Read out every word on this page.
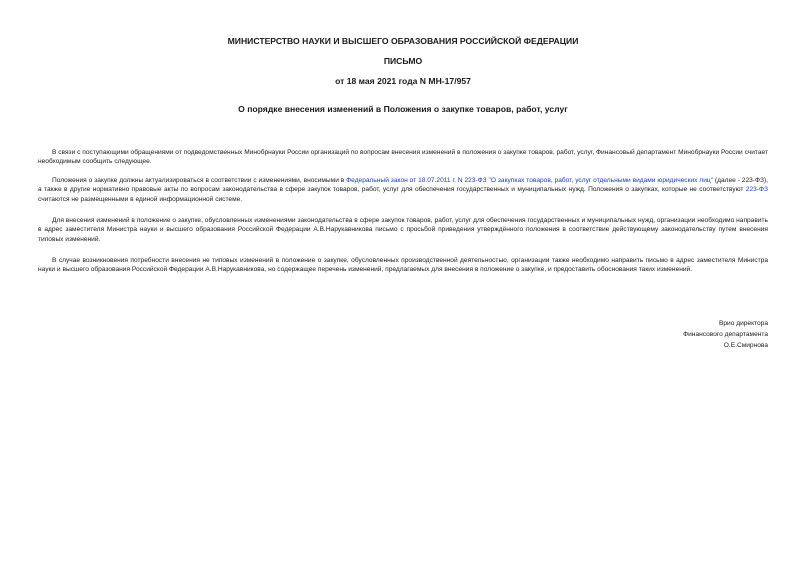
МИНИСТЕРСТВО НАУКИ И ВЫСШЕГО ОБРАЗОВАНИЯ РОССИЙСКОЙ ФЕДЕРАЦИИ
ПИСЬМО
от 18 мая 2021 года N МН-17/957
О порядке внесения изменений в Положения о закупке товаров, работ, услуг

В связи с поступающими обращениями от подведомственных Минобрнауки России организаций по вопросам внесения изменений в положения о закупке товаров, работ, услуг, Финансовый департамент Минобрнауки России считает необходимым сообщить следующее.

Положения о закупке должны актуализироваться в соответствии с изменениями, вносимыми в Федеральный закон от 18.07.2011 г. N 223-ФЗ "О закупках товаров, работ, услуг отдельными видами юридических лиц" (далее - 223-ФЗ), а также в другие нормативно правовые акты по вопросам законодательства в сфере закупок товаров, работ, услуг для обеспечения государственных и муниципальных нужд. Положения о закупках, которые не соответствуют 223-ФЗ считаются не размещенными в единой информационной системе.

Для внесения изменений в положение о закупке, обусловленных изменениями законодательства в сфере закупок товаров, работ, услуг для обеспечения государственных и муниципальных нужд, организации необходимо направить в адрес заместителя Министра науки и высшего образования Российской Федерации А.В.Нарукавникова письмо с просьбой приведения утверждённого положения в соответствие действующему законодательству путем внесения типовых изменений.

В случае возникновения потребности внесения не типовых изменений в положение о закупке, обусловленных производственной деятельностью, организации также необходимо направить письмо в адрес заместителя Министра науки и высшего образования Российской Федерации А.В.Нарукавникова, но содержащее перечень изменений, предлагаемых для внесения в положение о закупке, и предоставить обоснования таких изменений.

Врио директора
Финансового департамента
О.Е.Смирнова
